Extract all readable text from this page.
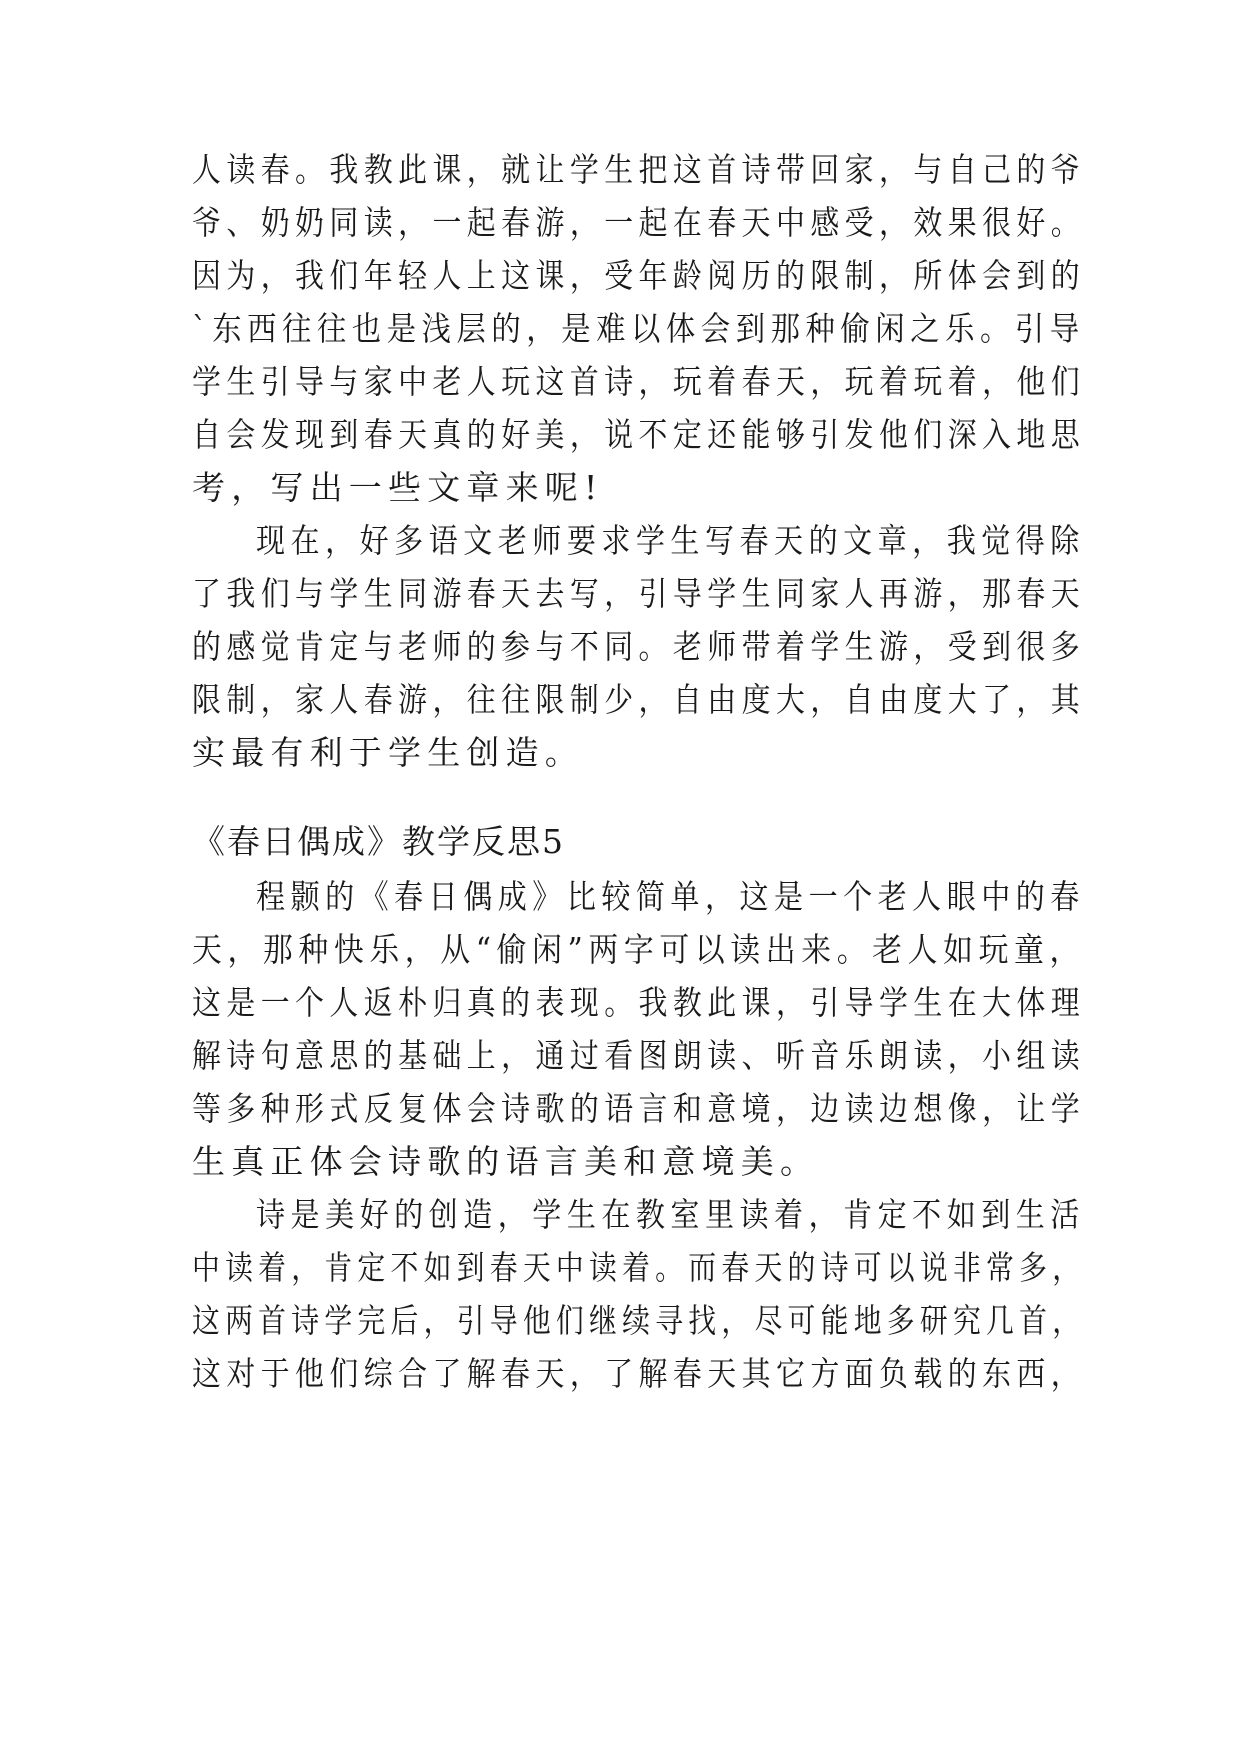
人读春。我教此课，就让学生把这首诗带回家，与自己的爷
爷、奶奶同读，一起春游，一起在春天中感受，效果很好。
因为，我们年轻人上这课，受年龄阅历的限制，所体会到的
`东西往往也是浅层的，是难以体会到那种偷闲之乐。引导
学生引导与家中老人玩这首诗，玩着春天，玩着玩着，他们
自会发现到春天真的好美，说不定还能够引发他们深入地思
考，写出一些文章来呢!
现在，好多语文老师要求学生写春天的文章，我觉得除
了我们与学生同游春天去写，引导学生同家人再游，那春天
的感觉肯定与老师的参与不同。老师带着学生游，受到很多
限制，家人春游，往往限制少，自由度大，自由度大了，其
实最有利于学生创造。
《春日偶成》教学反思5
程颢的《春日偶成》比较简单，这是一个老人眼中的春
天，那种快乐，从“偷闲”两字可以读出来。老人如玩童，
这是一个人返朴归真的表现。我教此课，引导学生在大体理
解诗句意思的基础上，通过看图朗读、听音乐朗读，小组读
等多种形式反复体会诗歌的语言和意境，边读边想像，让学
生真正体会诗歌的语言美和意境美。
诗是美好的创造，学生在教室里读着，肯定不如到生活
中读着，肯定不如到春天中读着。而春天的诗可以说非常多，
这两首诗学完后，引导他们继续寻找，尽可能地多研究几首，
这对于他们综合了解春天，了解春天其它方面负载的东西，
